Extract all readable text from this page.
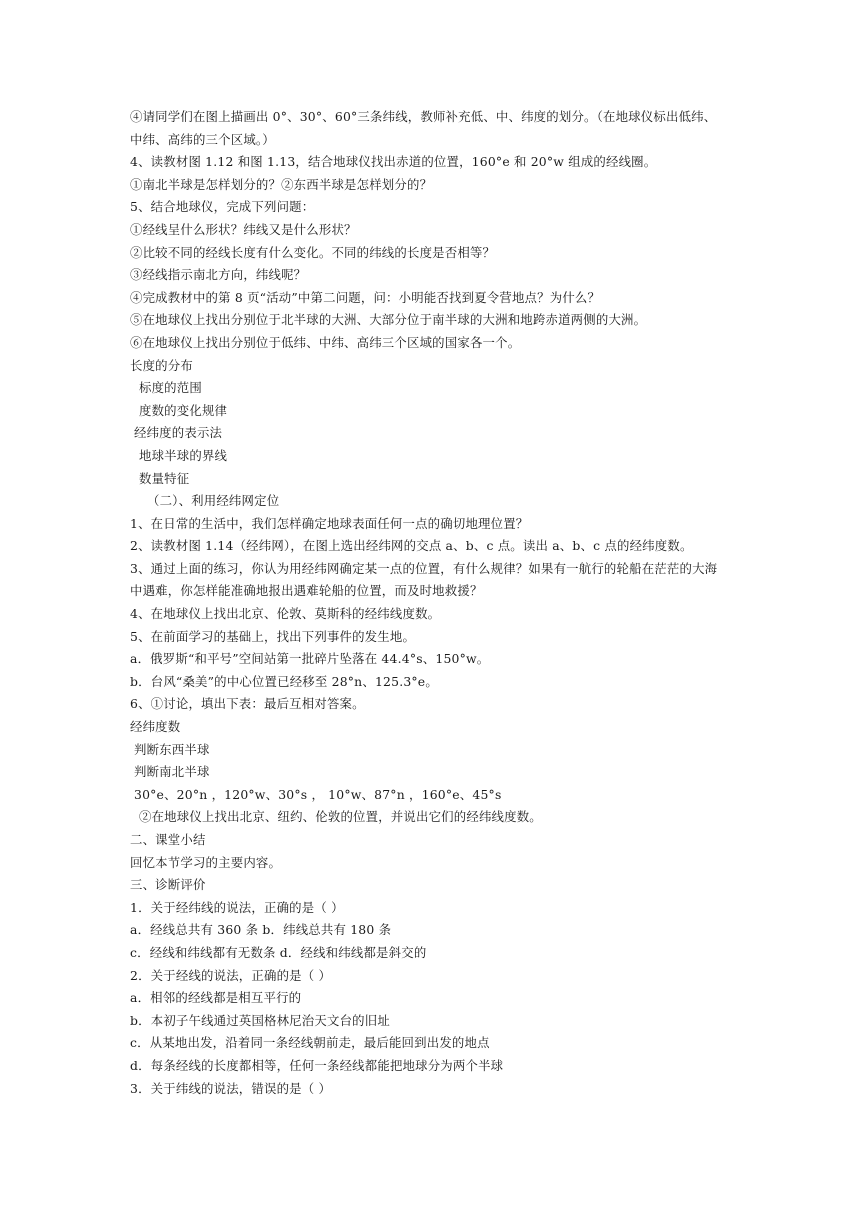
④请同学们在图上描画出 0°、30°、60°三条纬线，教师补充低、中、纬度的划分。（在地球仪标出低纬、
中纬、高纬的三个区域。）
4、读教材图 1.12 和图 1.13，结合地球仪找出赤道的位置，160°e 和 20°w 组成的经线圈。
①南北半球是怎样划分的？②东西半球是怎样划分的？
5、结合地球仪，完成下列问题：
①经线呈什么形状？纬线又是什么形状？
②比较不同的经线长度有什么变化。不同的纬线的长度是否相等？
③经线指示南北方向，纬线呢？
④完成教材中的第 8 页“活动”中第二问题，问：小明能否找到夏令营地点？为什么？
⑤在地球仪上找出分别位于北半球的大洲、大部分位于南半球的大洲和地跨赤道两侧的大洲。
⑥在地球仪上找出分别位于低纬、中纬、高纬三个区域的国家各一个。
长度的分布
标度的范围
度数的变化规律
经纬度的表示法
地球半球的界线
数量特征
（二）、利用经纬网定位
1、在日常的生活中，我们怎样确定地球表面任何一点的确切地理位置？
2、读教材图 1.14（经纬网），在图上选出经纬网的交点 a、b、c 点。读出 a、b、c 点的经纬度数。
3、通过上面的练习，你认为用经纬网确定某一点的位置，有什么规律？如果有一航行的轮船在茫茫的大海
中遇难，你怎样能准确地报出遇难轮船的位置，而及时地救援？
4、在地球仪上找出北京、伦敦、莫斯科的经纬线度数。
5、在前面学习的基础上，找出下列事件的发生地。
a．俄罗斯“和平号”空间站第一批碎片坠落在 44.4°s、150°w。
b．台风“桑美”的中心位置已经移至 28°n、125.3°e。
6、①讨论，填出下表：最后互相对答案。
经纬度数
判断东西半球
判断南北半球
30°e、20°n ，120°w、30°s ， 10°w、87°n ，160°e、45°s
②在地球仪上找出北京、纽约、伦敦的位置，并说出它们的经纬线度数。
二、课堂小结
回忆本节学习的主要内容。
三、诊断评价
1．关于经纬线的说法，正确的是（ ）
a．经线总共有 360 条 b．纬线总共有 180 条
c．经线和纬线都有无数条 d．经线和纬线都是斜交的
2．关于经线的说法，正确的是（ ）
a．相邻的经线都是相互平行的
b．本初子午线通过英国格林尼治天文台的旧址
c．从某地出发，沿着同一条经线朝前走，最后能回到出发的地点
d．每条经线的长度都相等，任何一条经线都能把地球分为两个半球
3．关于纬线的说法，错误的是（ ）
